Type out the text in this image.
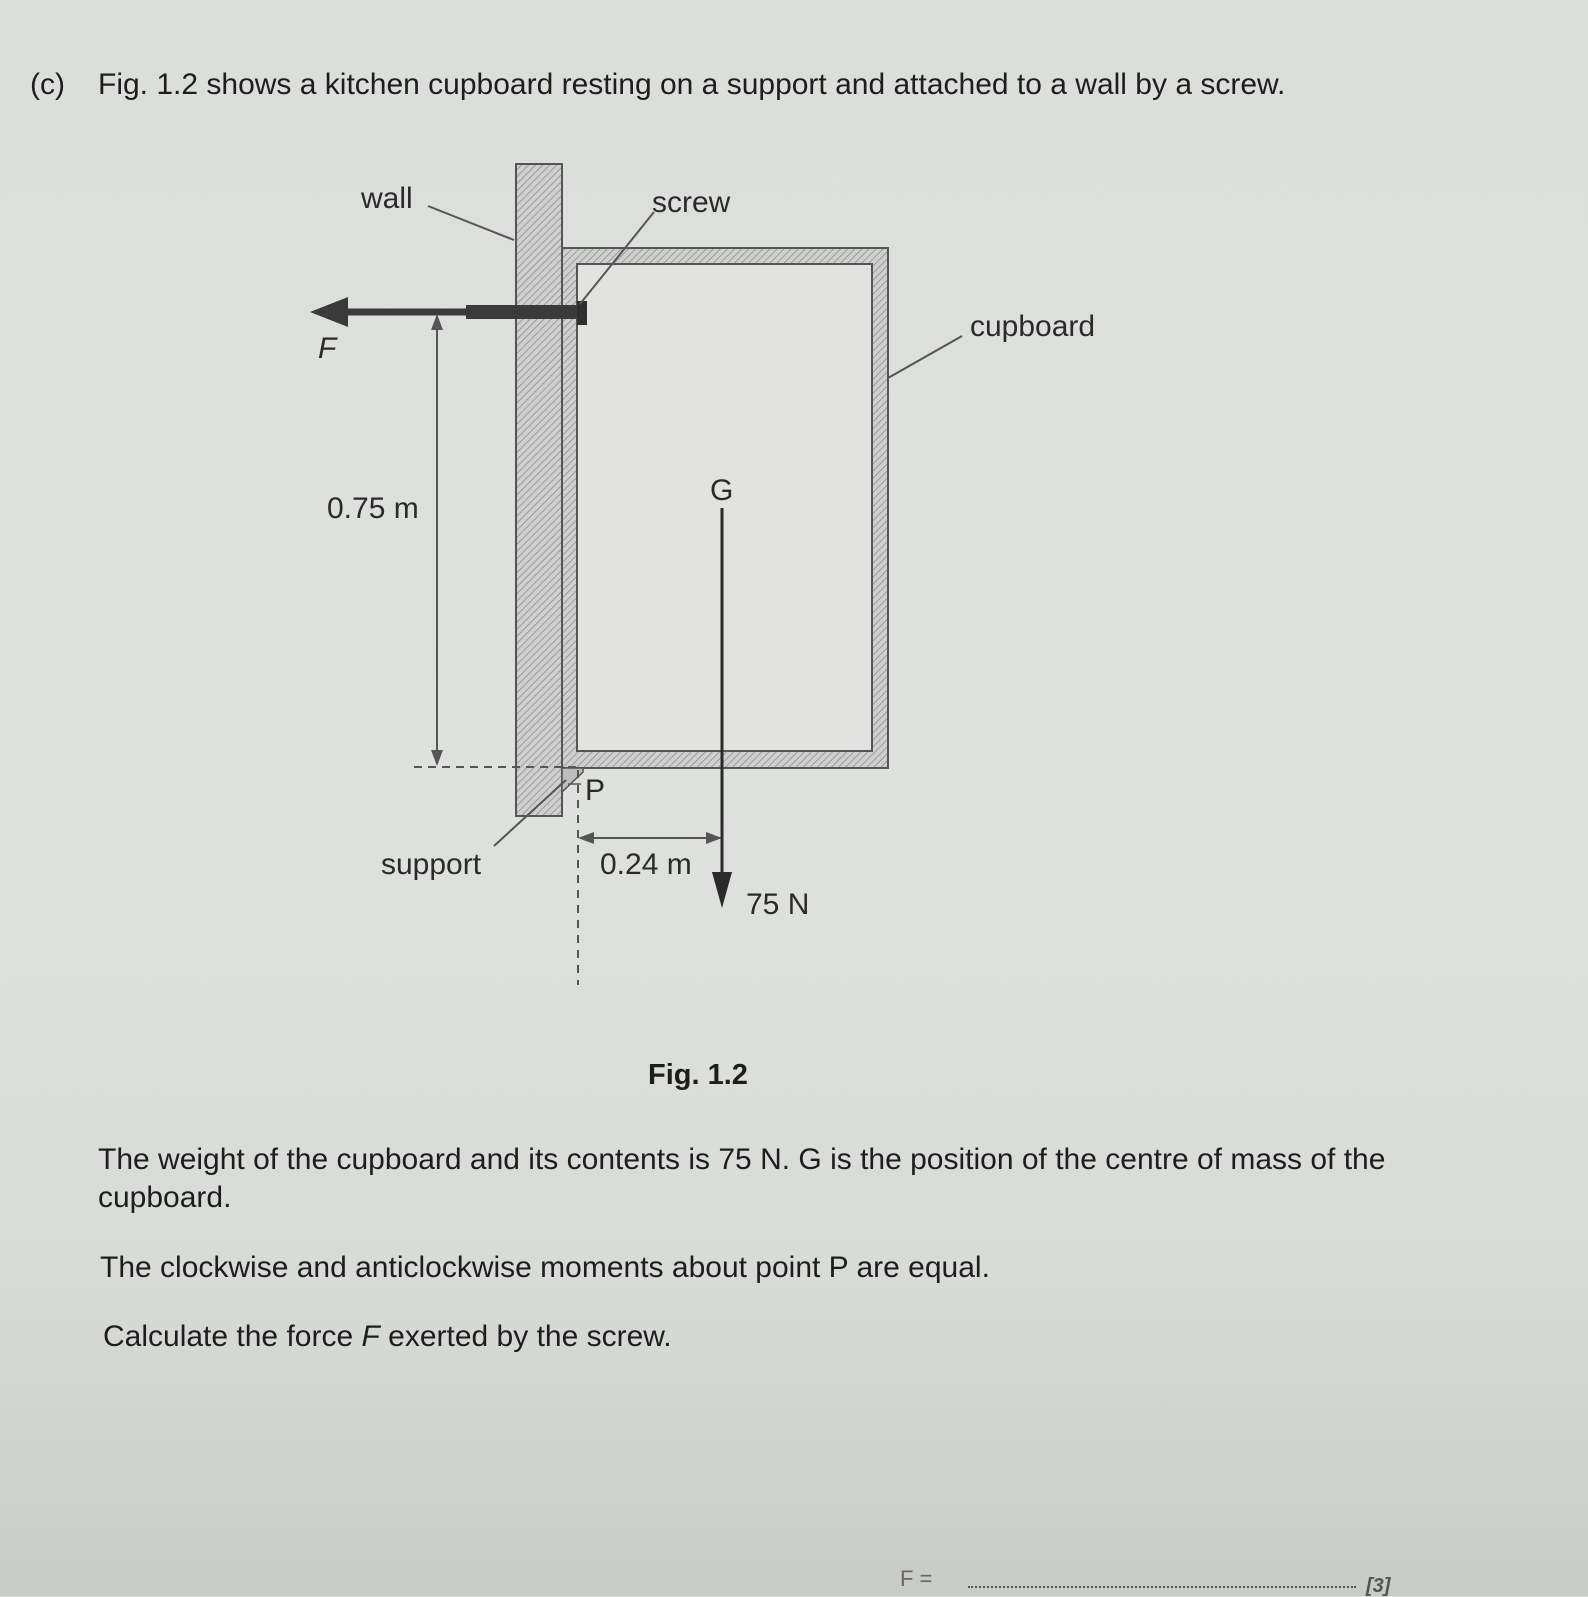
(c) Fig. 1.2 shows a kitchen cupboard resting on a support and attached to a wall by a screw.
wall	screw
cupboard
F
0.75 m
G
P
support	0.24 m
75 N
Fig. 1.2
The weight of the cupboard and its contents is 75 N. G is the position of the centre of mass of the cupboard.
The clockwise and anticlockwise moments about point P are equal.
Calculate the force F exerted by the screw.
F =	[3]
